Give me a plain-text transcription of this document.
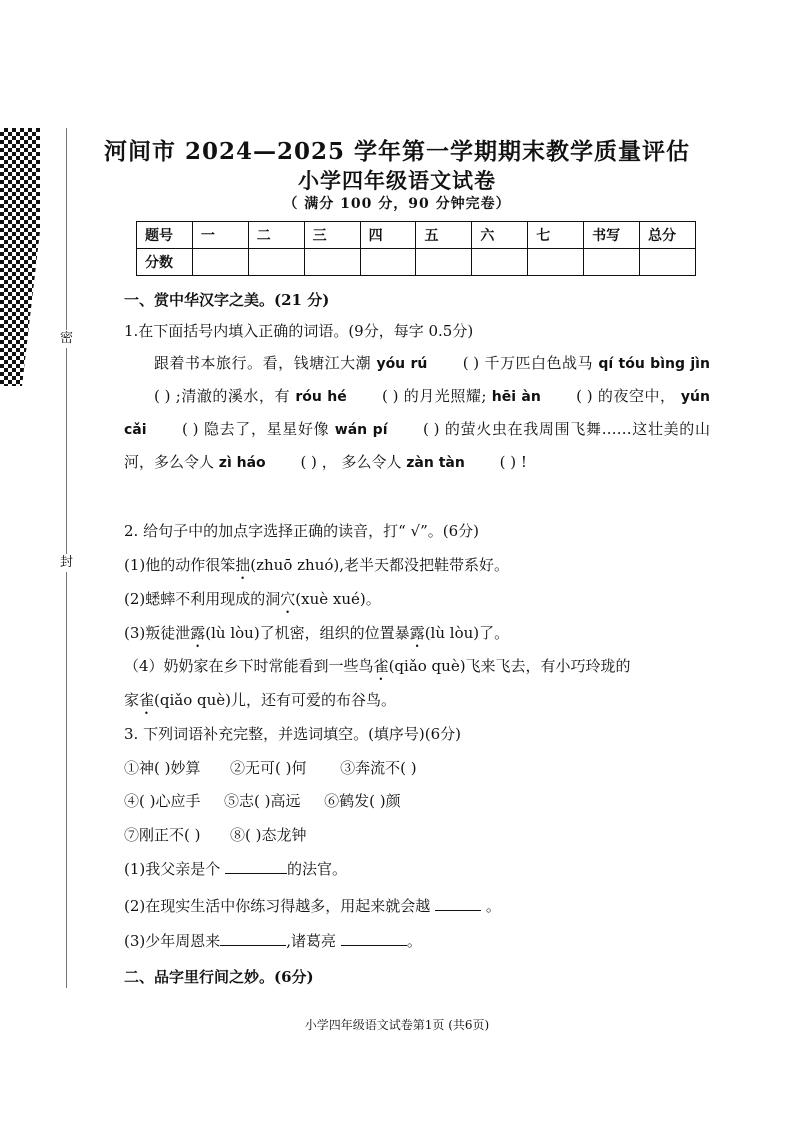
密
封
河间市 2024—2025 学年第一学期期末教学质量评估
小学四年级语文试卷
（ 满分 100 分，90 分钟完卷）
题号	一	二	三	四	五	六	七	书写	总分
分数									
一、赏中华汉字之美。(21 分)
1.在下面括号内填入正确的词语。(9分，每字 0.5分)
跟着书本旅行。看，钱塘江大潮 yóu rú ( ) 千万匹白色战马 qí tóu bìng jìn ( ) ;清澈的溪水，有 róu hé ( ) 的月光照耀; hēi àn ( ) 的夜空中， yún cǎi ( ) 隐去了，星星好像 wán pí ( ) 的萤火虫在我周围飞舞……这壮美的山河，多么令人 zì háo ( ) ， 多么令人 zàn tàn ( ) !
2. 给句子中的加点字选择正确的读音，打“ √”。(6分)
(1)他的动作很笨拙(zhuō zhuó),老半天都没把鞋带系好。
(2)蟋蟀不利用现成的洞穴(xuè xué)。
(3)叛徒泄露(lù lòu)了机密，组织的位置暴露(lù lòu)了。
（4）奶奶家在乡下时常能看到一些鸟雀(qiǎo què)飞来飞去，有小巧玲珑的
家雀(qiǎo què)儿，还有可爱的布谷鸟。
3. 下列词语补充完整，并选词填空。(填序号)(6分)
①神( )妙算 ②无可( )何 ③奔流不( )
④( )心应手 ⑤志( )高远 ⑥鹤发( )颜
⑦刚正不( ) ⑧( )态龙钟
(1)我父亲是个	的法官。
(2)在现实生活中你练习得越多，用起来就会越	。
(3)少年周恩来	,诸葛亮	。
二、品字里行间之妙。(6分)
小学四年级语文试卷第1页 (共6页)
